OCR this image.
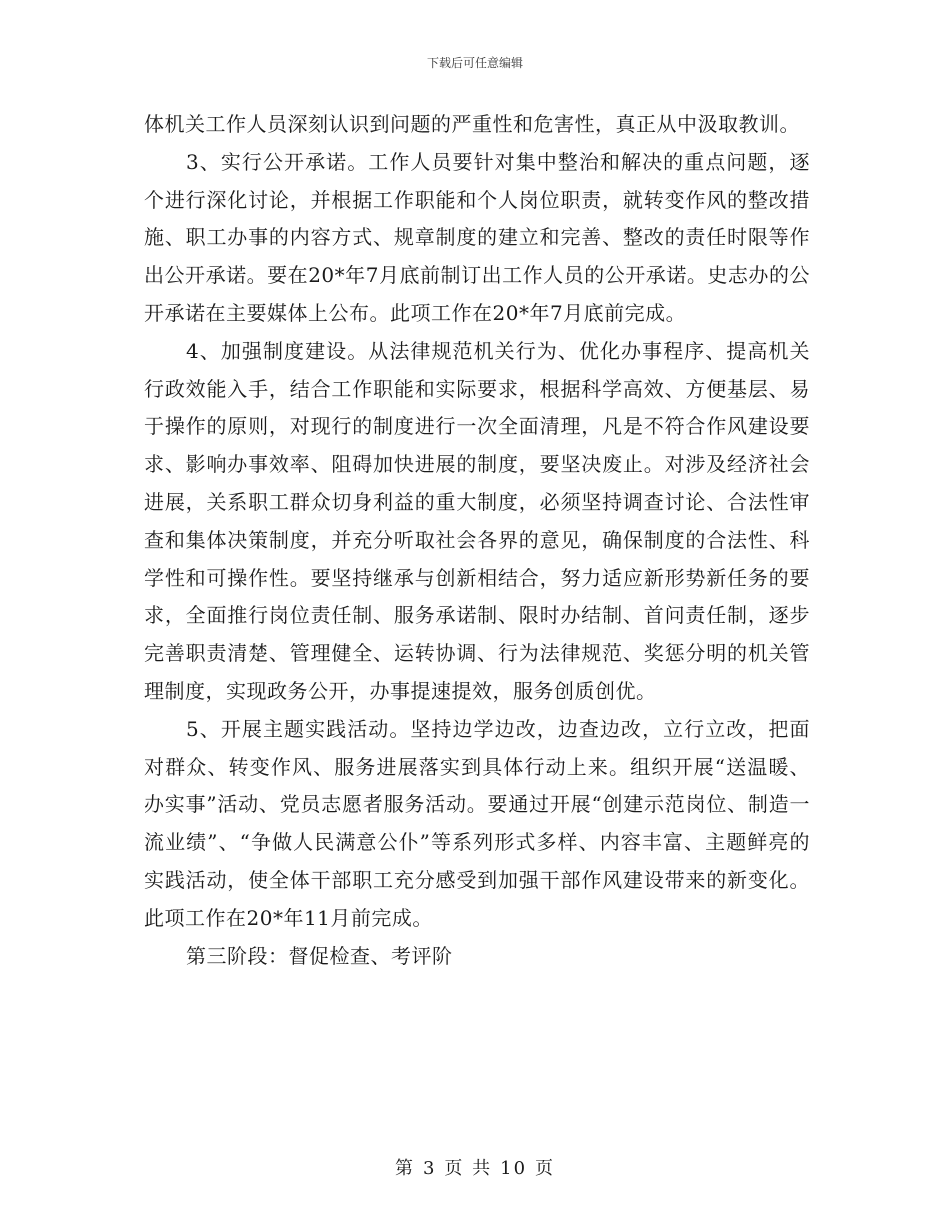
下载后可任意编辑

体机关工作人员深刻认识到问题的严重性和危害性，真正从中汲取教训。

3、实行公开承诺。工作人员要针对集中整治和解决的重点问题，逐个进行深化讨论，并根据工作职能和个人岗位职责，就转变作风的整改措施、职工办事的内容方式、规章制度的建立和完善、整改的责任时限等作出公开承诺。要在20*年7月底前制订出工作人员的公开承诺。史志办的公开承诺在主要媒体上公布。此项工作在20*年7月底前完成。

4、加强制度建设。从法律规范机关行为、优化办事程序、提高机关行政效能入手，结合工作职能和实际要求，根据科学高效、方便基层、易于操作的原则，对现行的制度进行一次全面清理，凡是不符合作风建设要求、影响办事效率、阻碍加快进展的制度，要坚决废止。对涉及经济社会进展，关系职工群众切身利益的重大制度，必须坚持调查讨论、合法性审查和集体决策制度，并充分听取社会各界的意见，确保制度的合法性、科学性和可操作性。要坚持继承与创新相结合，努力适应新形势新任务的要求，全面推行岗位责任制、服务承诺制、限时办结制、首问责任制，逐步完善职责清楚、管理健全、运转协调、行为法律规范、奖惩分明的机关管理制度，实现政务公开，办事提速提效，服务创质创优。

5、开展主题实践活动。坚持边学边改，边查边改，立行立改，把面对群众、转变作风、服务进展落实到具体行动上来。组织开展“送温暖、办实事”活动、党员志愿者服务活动。要通过开展“创建示范岗位、制造一流业绩”、“争做人民满意公仆”等系列形式多样、内容丰富、主题鲜亮的实践活动，使全体干部职工充分感受到加强干部作风建设带来的新变化。此项工作在20*年11月前完成。

第三阶段：督促检查、考评阶

第 3 页 共 10 页
